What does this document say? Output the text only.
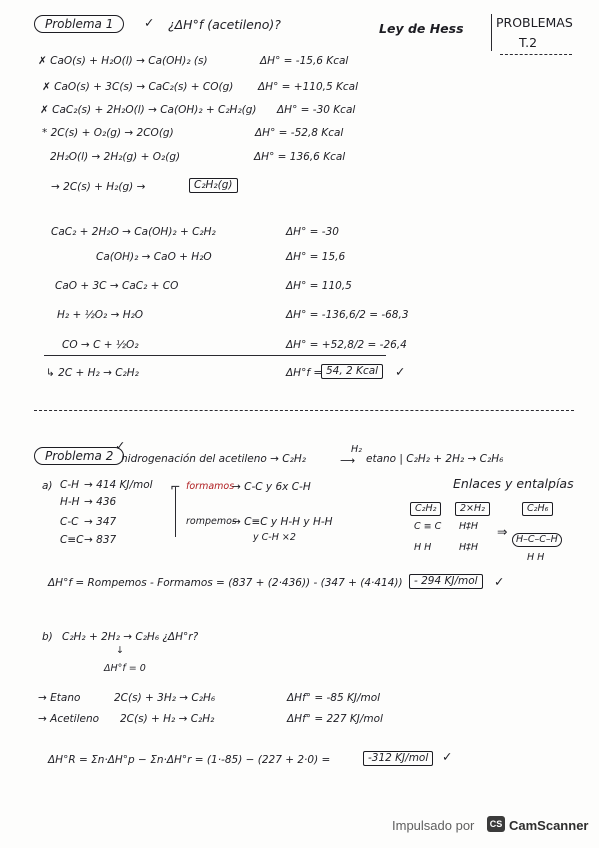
Problema 1	✓ ¿ΔH°f (acetileno)?	Ley de Hess	PROBLEMAS
T.2
✗ CaO(s) + H₂O(l) → Ca(OH)₂ (s)	ΔH° = -15,6 Kcal
✗ CaO(s) + 3C(s) → CaC₂(s) + CO(g) ΔH° = +110,5 Kcal
✗ CaC₂(s) + 2H₂O(l) → Ca(OH)₂ + C₂H₂(g) ΔH° = -30 Kcal
* 2C(s) + O₂(g) → 2CO(g)	ΔH° = -52,8 Kcal
2H₂O(l) → 2H₂(g) + O₂(g)	ΔH° = 136,6 Kcal
→ 2C(s) + H₂(g) →	C₂H₂(g)
CaC₂ + 2H₂O → Ca(OH)₂ + C₂H₂	ΔH° = -30
Ca(OH)₂ → CaO + H₂O	ΔH° = 15,6
CaO + 3C → CaC₂ + CO	ΔH° = 110,5
H₂ + ½O₂ → H₂O	ΔH° = -136,6/2 = -68,3
CO → C + ½O₂	ΔH° = +52,8/2 = -26,4
↳ 2C + H₂ → C₂H₂	ΔH°f = 54, 2 Kcal	✓
Problema 2
✓
hidrogenación del acetileno → C₂H₂
H₂
⟶ etano | C₂H₂ + 2H₂ → C₂H₆
Enlaces y entalpías
a) C-H → 414 KJ/mol
H-H → 436
C-C → 347
C≡C → 837
⌐ formamos
→ C-C y 6x C-H
rompemos
→ C≡C y H-H y H-H
y C-H ×2
C₂H₂	2×H₂	C₂H₆
C ≡ C
H H
H‡H
H‡H
⇒
H–C–C–H
H H
ΔH°f = Rompemos - Formamos = (837 + (2·436)) - (347 + (4·414))	- 294 KJ/mol	✓
b) C₂H₂ + 2H₂ → C₂H₆ ¿ΔH°r?
↓
ΔH°f = 0
→ Etano	2C(s) + 3H₂ → C₂H₆	ΔHf° = -85 KJ/mol
→ Acetileno 2C(s) + H₂ → C₂H₂	ΔHf° = 227 KJ/mol
ΔH°R = Σn·ΔH°p − Σn·ΔH°r = (1·-85) − (227 + 2·0) =	-312 KJ/mol	✓
Impulsado por	CS CamScanner
